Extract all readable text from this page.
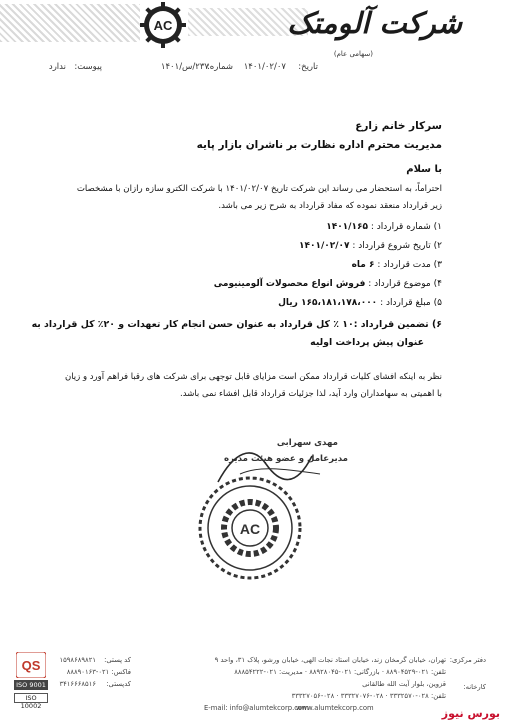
AC	شرکت آلومتک
(سهامی عام)
تاریخ:
۱۴۰۱/۰۲/۰۷
شماره:
۲۳۷/س/۱۴۰۱
پیوست:
ندارد
سرکار خانم زارع
مدیریت محترم اداره نظارت بر ناشران بازار پایه
با سلام
احتراماً، به استحضار می رساند این شرکت تاریخ ۱۴۰۱/۰۲/۰۷ با شرکت الکترو سازه رازان با مشخصات
زیر قرارداد منعقد نموده که مفاد قرارداد به شرح زیر می باشد.
۱) شماره قرارداد : ۱۴۰۱/۱۶۵
۲) تاریخ شروع قرارداد : ۱۴۰۱/۰۲/۰۷
۳) مدت قرارداد : ۶ ماه
۴) موضوع قرارداد : فروش انواع محصولات آلومینیومی
۵) مبلغ قرارداد : ۱۶۵،۱۸۱،۱۷۸،۰۰۰ ریال
۶) تضمین قرارداد :۱۰ ٪ کل قرارداد به عنوان حسن انجام کار تعهدات و ۲۰٪ کل قرارداد به
عنوان پیش پرداخت اولیه
نظر به اینکه افشای کلیات قرارداد ممکن است مزایای قابل توجهی برای شرکت های رقبا فراهم آورد و زیان
با اهمیتی به سهامداران وارد آید، لذا جزئیات قرارداد قابل افشاء نمی باشد.
مهدی سهرابی
مدیرعامل و عضو هیئت مدیره
AC
QS
ISO 9001
ISO 10002
دفتر مرکزی:
تهران، خیابان گرمخان زند، خیابان استاد نجات الهی، خیابان ورشو، پلاک ۳۱، واحد ۹
کد پستی:
۱۵۹۸۶۸۹۸۲۱
تلفن: ۰۲۱-۸۸۹۰۴۵۲۹ · بازرگانی: ۰۲۱-۸۸۹۲۸۰۴۵ · مدیریت: ۰۲۱-۸۸۸۵۴۲۲۲
فاکس: ۰۲۱-۸۸۸۹۰۱۶۳
کارخانه:
قزوین، بلوار آیت الله طالقانی
کدپستی:
۳۴۱۶۶۶۸۵۱۶
تلفن: ۰۲۸-۳۳۳۲۵۷۰ · ۰۲۸-۳۳۳۲۷۰۷۶ · ۰۲۸-۳۳۳۲۷۰۵۶
www.alumtekcorp.com
E-mail: info@alumtekcorp.com	بورس نیوز
